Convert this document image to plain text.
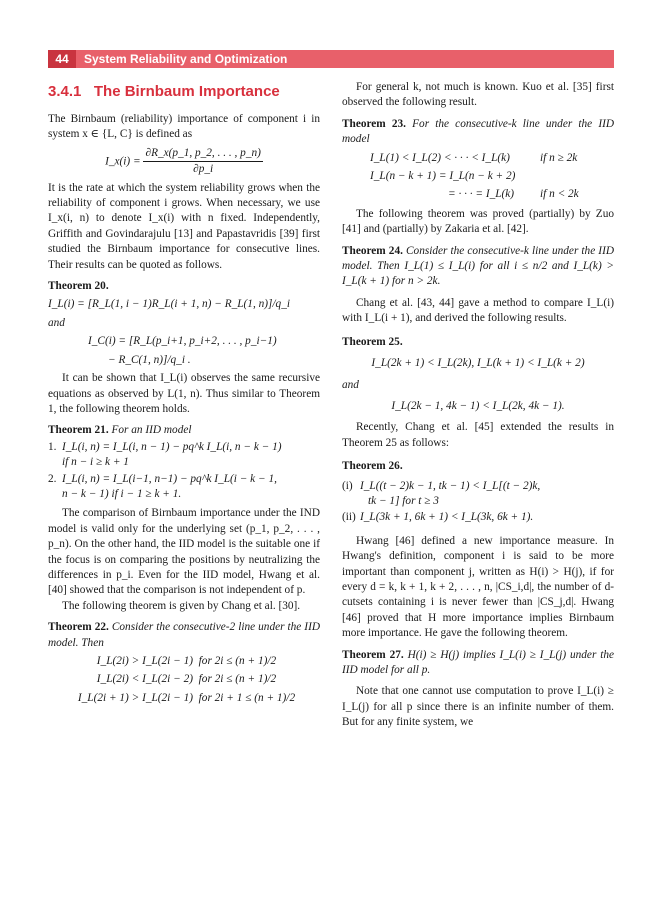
44	System Reliability and Optimization
3.4.1 The Birnbaum Importance

The Birnbaum (reliability) importance of component i in system x ∈ {L, C} is defined as

I_x(i) = $\frac{\partial R\_x(p\_1, p\_2, . . . , p\_n)}{\partial p\_i}$

It is the rate at which the system reliability grows when the reliability of component i grows. When necessary, we use I_x(i, n) to denote I_x(i) with n fixed. Independently, Griffith and Govindarajulu [13] and Papastavridis [39] first studied the Birnbaum importance for consecutive lines. Their results can be quoted as follows.

Theorem 20.
I_L(i) = [R_L(1, i − 1)R_L(i + 1, n) − R_L(1, n)]/q_i
and
I_C(i) = [R_L(p_i+1, p_i+2, . . . , p_i−1)
− R_C(1, n)]/q_i .

It can be shown that I_L(i) observes the same recursive equations as observed by L(1, n). Thus similar to Theorem 1, the following theorem holds.

Theorem 21. For an IID model
1. I_L(i, n) = I_L(i, n − 1) − pq^k I_L(i, n − k − 1)
if n − i ≥ k + 1
2. I_L(i, n) = I_L(i−1, n−1) − pq^k I_L(i − k − 1,
n − k − 1) if i − 1 ≥ k + 1.

The comparison of Birnbaum importance under the IND model is valid only for the underlying set (p_1, p_2, . . . , p_n). On the other hand, the IID model is the suitable one if the focus is on comparing the positions by neutralizing the differences in p_i. Even for the IID model, Hwang et al. [40] showed that the comparison is not independent of p.

The following theorem is given by Chang et al. [30].

Theorem 22. Consider the consecutive-2 line under the IID model. Then
I_L(2i) > I_L(2i − 1) for 2i ≤ (n + 1)/2
I_L(2i) < I_L(2i − 2) for 2i ≤ (n + 1)/2
I_L(2i + 1) > I_L(2i − 1) for 2i + 1 ≤ (n + 1)/2

For general k, not much is known. Kuo et al. [35] first observed the following result.

Theorem 23. For the consecutive-k line under the IID model
I_L(1) < I_L(2) < · · · < I_L(k)	if n ≥ 2k
I_L(n − k + 1) = I_L(n − k + 2)
= · · · = I_L(k) if n < 2k

The following theorem was proved (partially) by Zuo [41] and (partially) by Zakaria et al. [42].

Theorem 24. Consider the consecutive-k line under the IID model. Then I_L(1) ≤ I_L(i) for all i ≤ n/2 and I_L(k) > I_L(k + 1) for n > 2k.

Chang et al. [43, 44] gave a method to compare I_L(i) with I_L(i + 1), and derived the following results.

Theorem 25.
I_L(2k + 1) < I_L(2k), I_L(k + 1) < I_L(k + 2)
and
I_L(2k − 1, 4k − 1) < I_L(2k, 4k − 1).

Recently, Chang et al. [45] extended the results in Theorem 25 as follows:

Theorem 26.
(i) I_L((t − 2)k − 1, tk − 1) < I_L[(t − 2)k,
tk − 1] for t ≥ 3
(ii) I_L(3k + 1, 6k + 1) < I_L(3k, 6k + 1).

Hwang [46] defined a new importance measure. In Hwang's definition, component i is said to be more important than component j, written as H(i) > H(j), if for every d = k, k + 1, k + 2, . . . , n, |CS_i,d|, the number of d-cutsets containing i is never fewer than |CS_j,d|. Hwang [46] proved that H more importance implies Birnbaum more importance. He gave the following theorem.

Theorem 27. H(i) ≥ H(j) implies I_L(i) ≥ I_L(j) under the IID model for all p.

Note that one cannot use computation to prove I_L(i) ≥ I_L(j) for all p since there is an infinite number of them. But for any finite system, we
